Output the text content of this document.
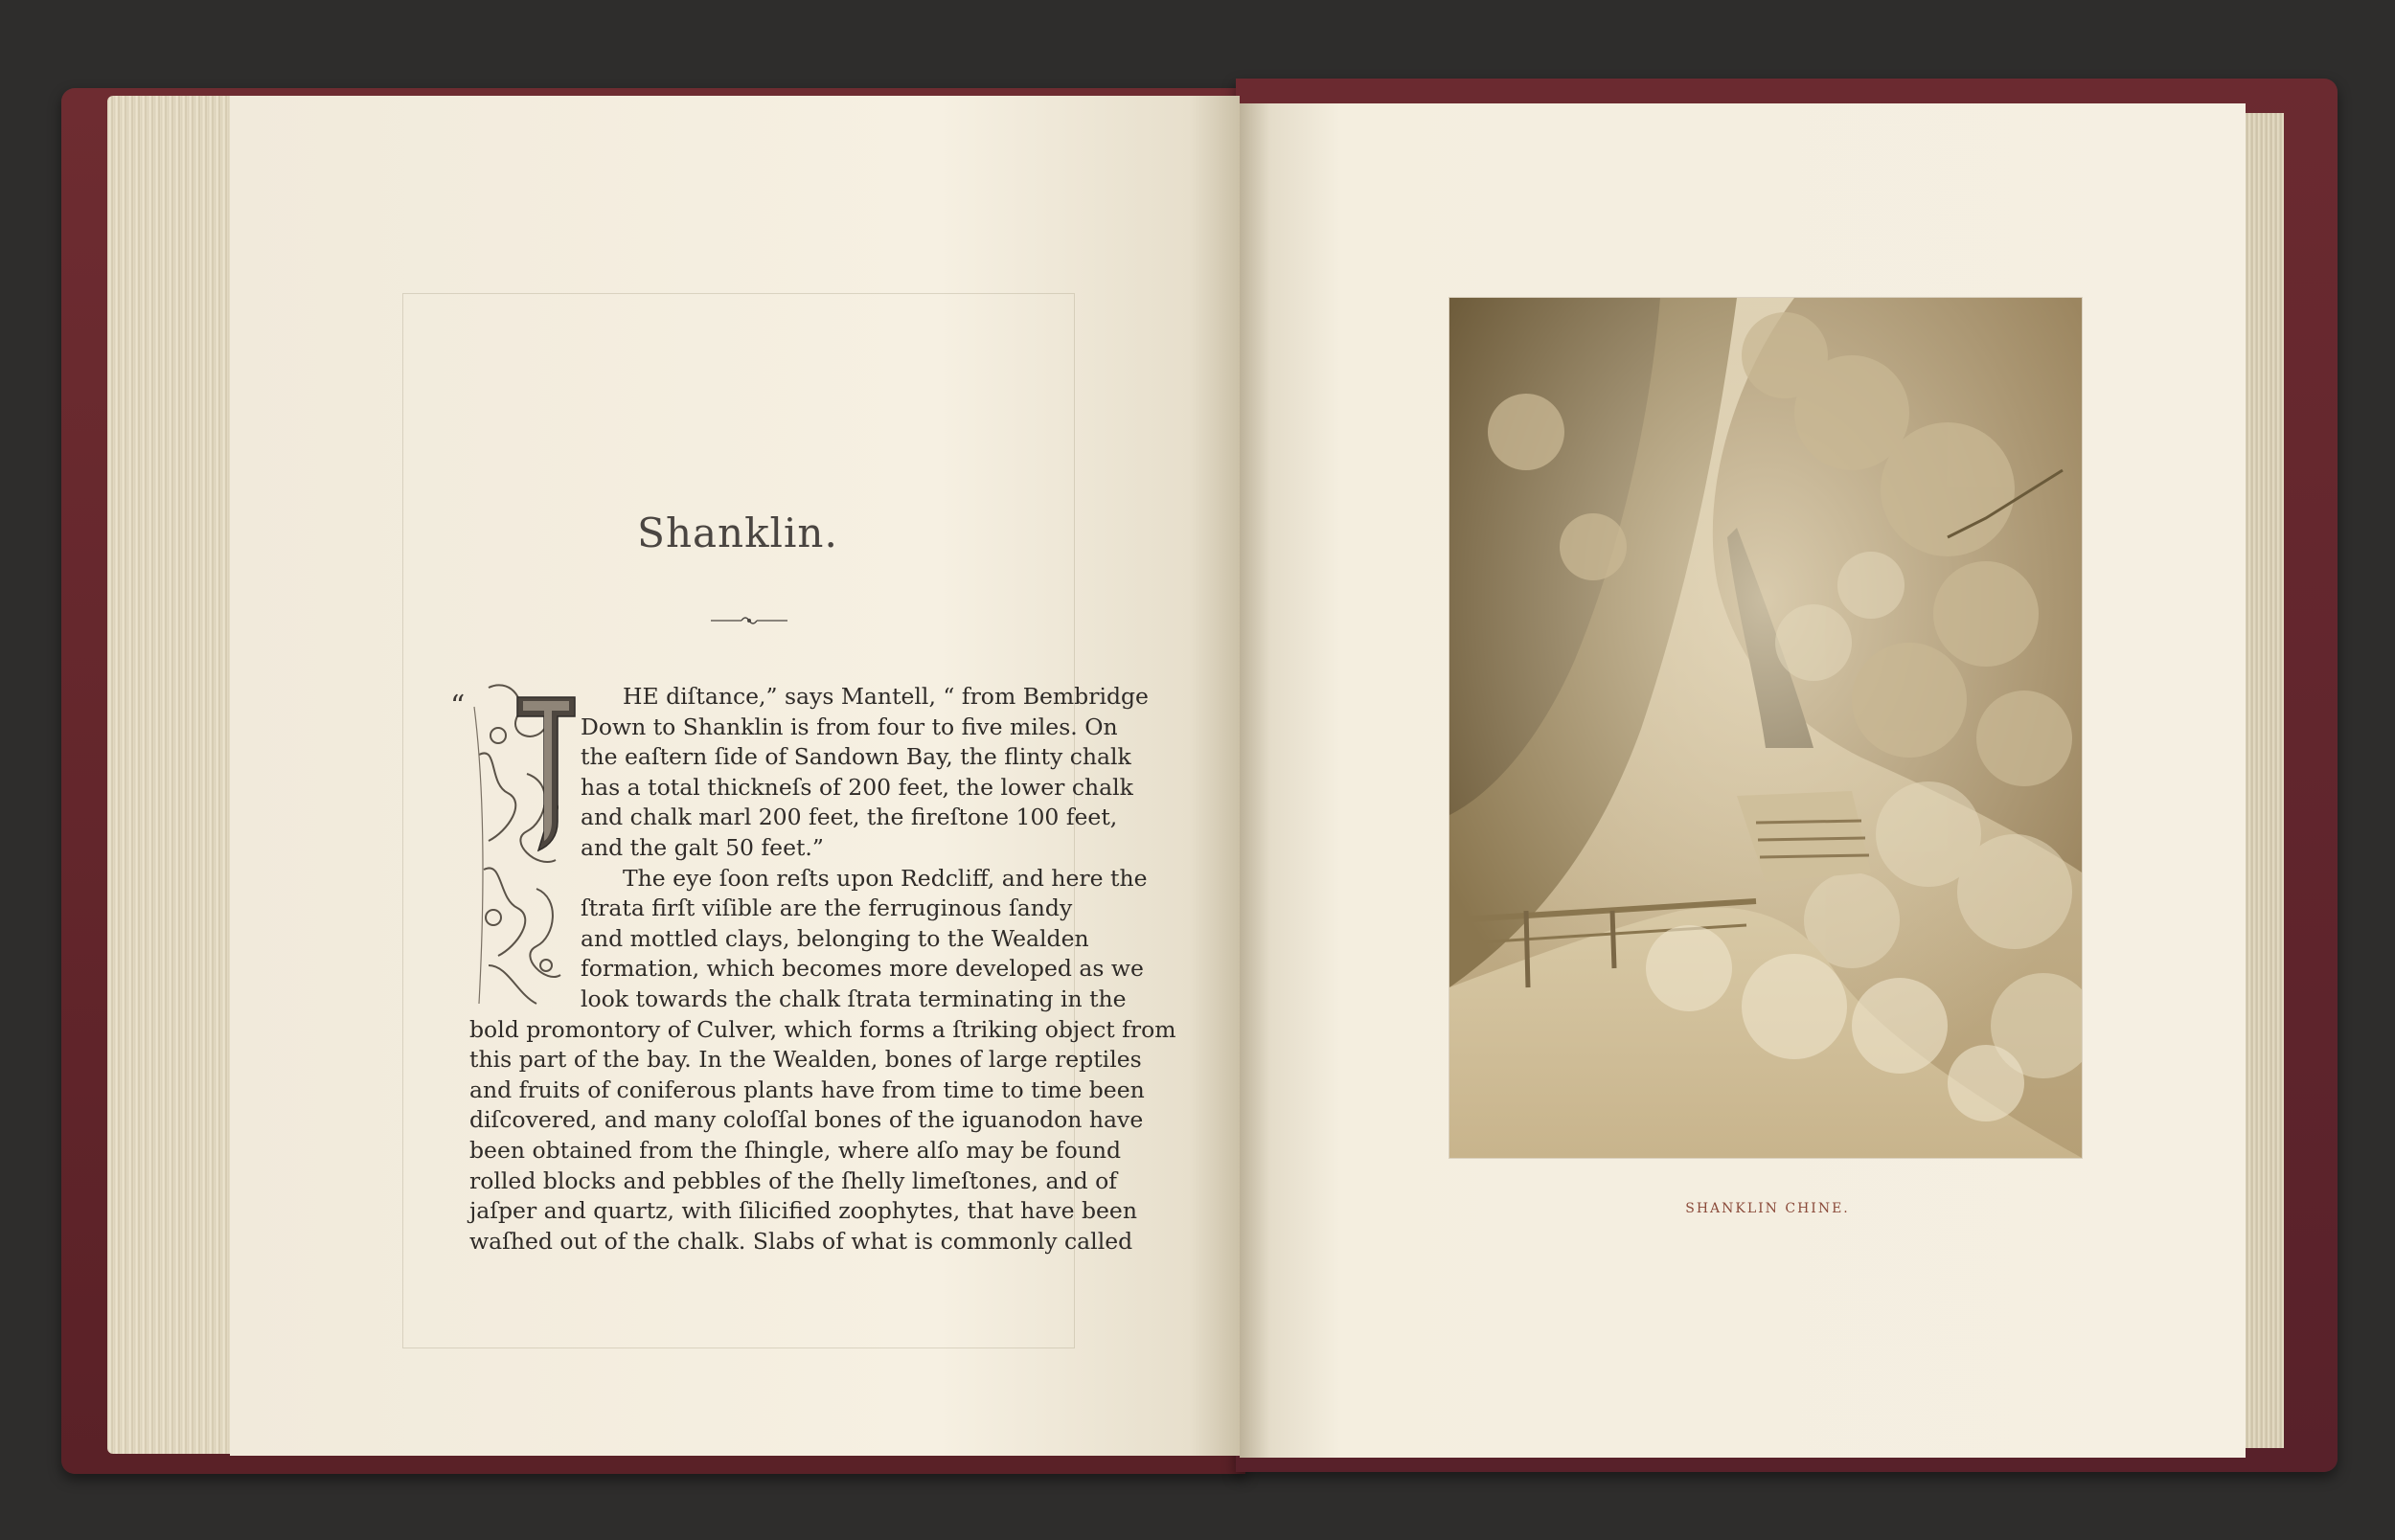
Shanklin.
“	HE diſtance,” says Mantell, “ from Bembridge
Down to Shanklin is from four to five miles. On
the eaſtern ſide of Sandown Bay, the flinty chalk
has a total thickneſs of 200 feet, the lower chalk
and chalk marl 200 feet, the fireſtone 100 feet,
and the galt 50 feet.”
The eye ſoon reſts upon Redcliff, and here the
ſtrata firſt viſible are the ferruginous ſandy
and mottled clays, belonging to the Wealden
formation, which becomes more developed as we
look towards the chalk ſtrata terminating in the
bold promontory of Culver, which forms a ſtriking object from
this part of the bay. In the Wealden, bones of large reptiles
and fruits of coniferous plants have from time to time been
diſcovered, and many coloſſal bones of the iguanodon have
been obtained from the ſhingle, where alſo may be found
rolled blocks and pebbles of the ſhelly limeſtones, and of
jaſper and quartz, with ſilicified zoophytes, that have been
waſhed out of the chalk. Slabs of what is commonly called
SHANKLIN CHINE.
